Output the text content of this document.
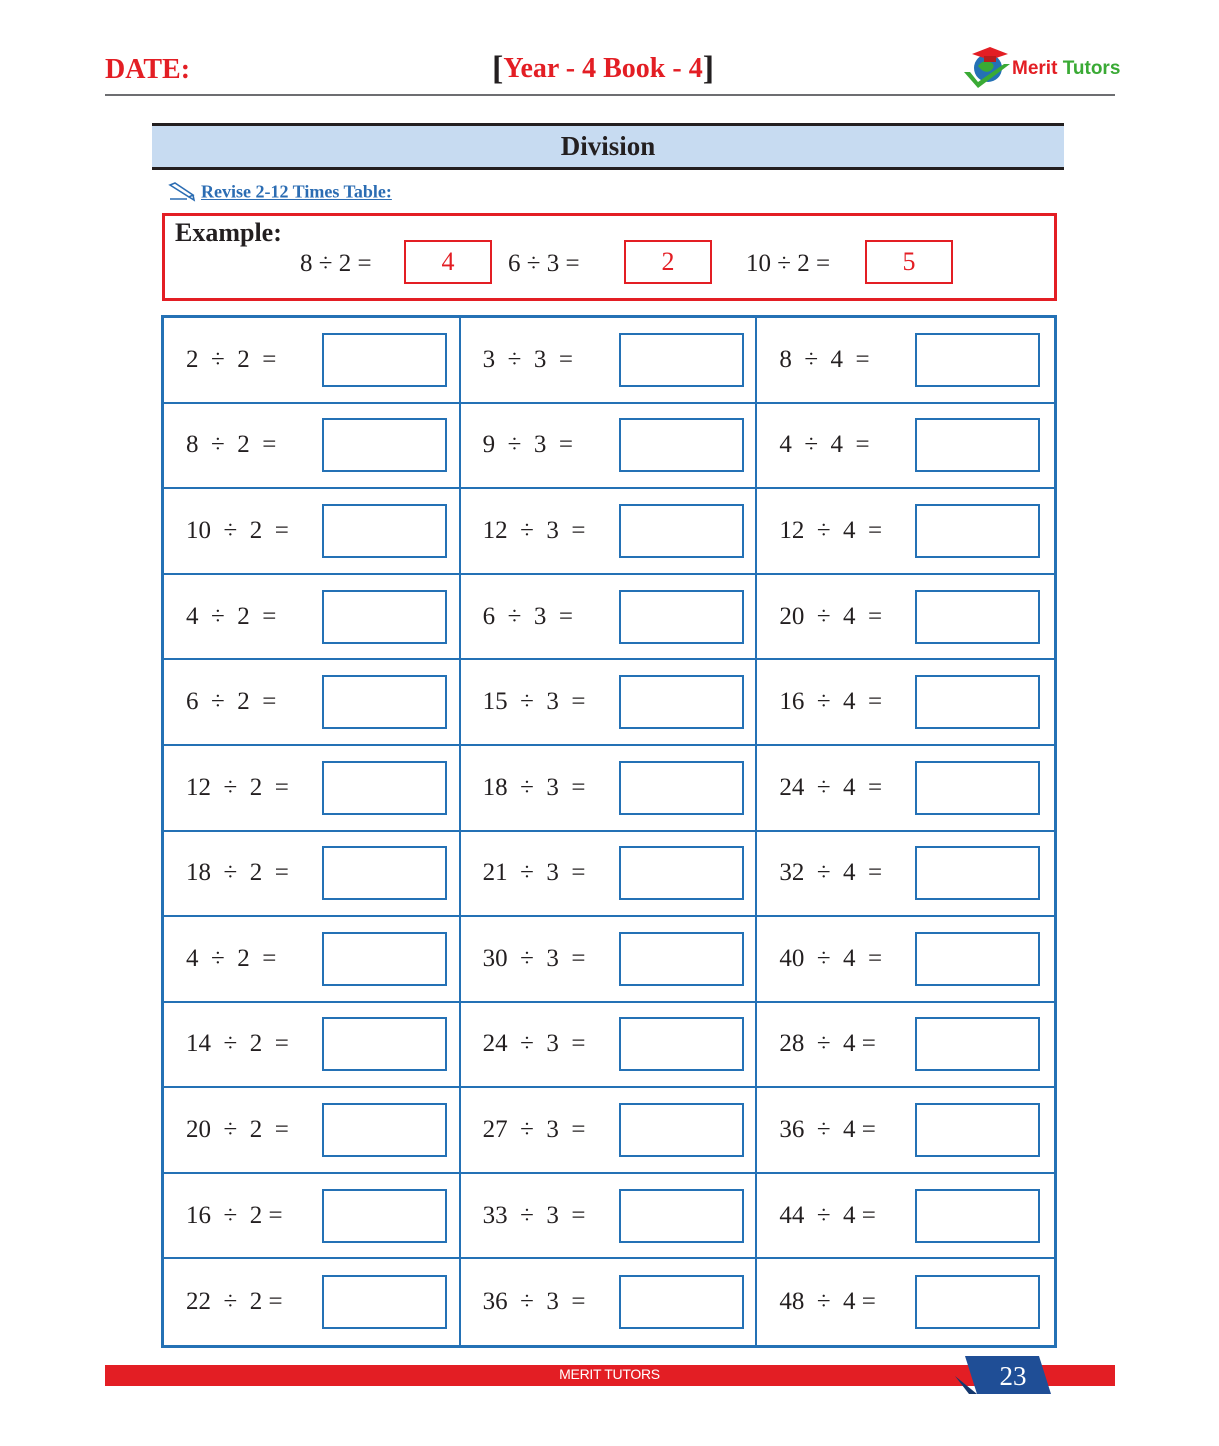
DATE:	[Year - 4 Book - 4]	Merit Tutors
Division
Revise 2-12 Times Table:
Example:
8 ÷ 2 =	4	6 ÷ 3 =	2	10 ÷ 2 =	5
2  ÷  2  =	3  ÷  3  =	8  ÷  4  =
8  ÷  2  =	9  ÷  3  =	4  ÷  4  =
10  ÷  2  =	12  ÷  3  =	12  ÷  4  =
4  ÷  2  =	6  ÷  3  =	20  ÷  4  =
6  ÷  2  =	15  ÷  3  =	16  ÷  4  =
12  ÷  2  =	18  ÷  3  =	24  ÷  4  =
18  ÷  2  =	21  ÷  3  =	32  ÷  4  =
4  ÷  2  =	30  ÷  3  =	40  ÷  4  =
14  ÷  2  =	24  ÷  3  =	28  ÷  4 =
20  ÷  2  =	27  ÷  3  =	36  ÷  4 =
16  ÷  2 =	33  ÷  3  =	44  ÷  4 =
22  ÷  2 =	36  ÷  3  =	48  ÷  4 =
MERIT TUTORS	23
